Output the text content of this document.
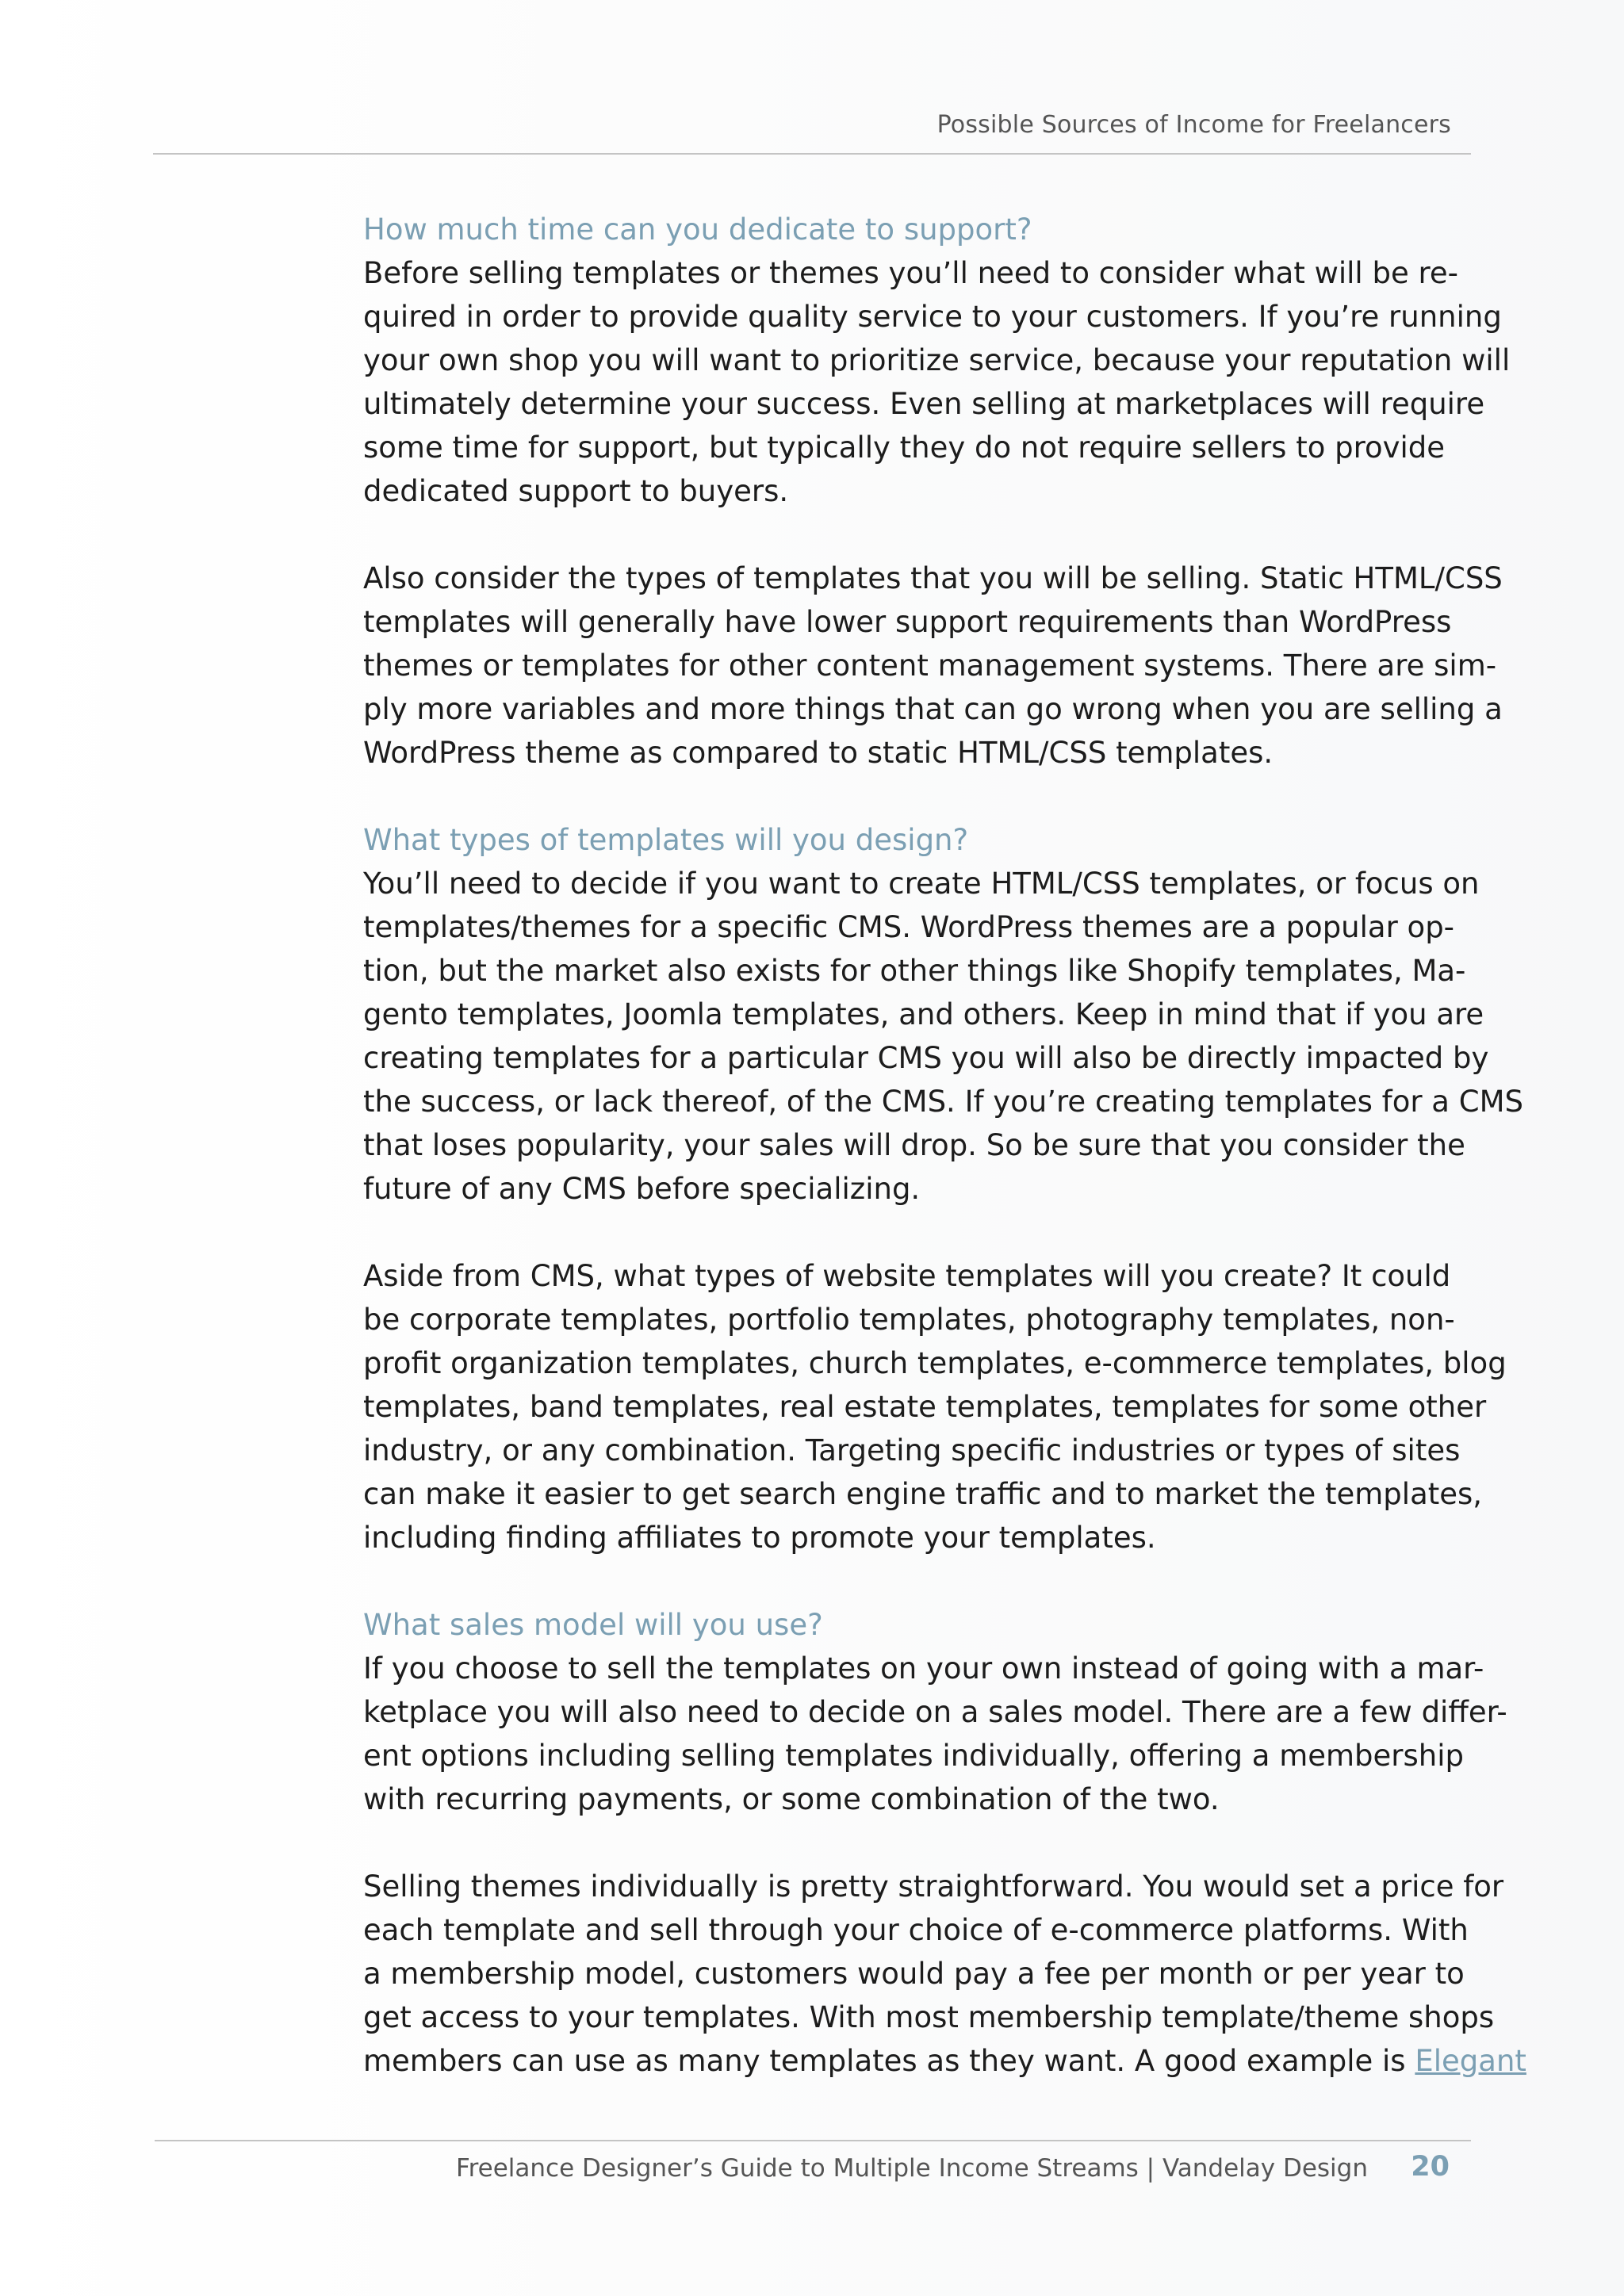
Possible Sources of Income for Freelancers
How much time can you dedicate to support?

Before selling templates or themes you’ll need to consider what will be re-
quired in order to provide quality service to your customers. If you’re running
your own shop you will want to prioritize service, because your reputation will
ultimately determine your success. Even selling at marketplaces will require
some time for support, but typically they do not require sellers to provide
dedicated support to buyers.

Also consider the types of templates that you will be selling. Static HTML/CSS
templates will generally have lower support requirements than WordPress
themes or templates for other content management systems. There are sim-
ply more variables and more things that can go wrong when you are selling a
WordPress theme as compared to static HTML/CSS templates.

What types of templates will you design?

You’ll need to decide if you want to create HTML/CSS templates, or focus on
templates/themes for a specific CMS. WordPress themes are a popular op-
tion, but the market also exists for other things like Shopify templates, Ma-
gento templates, Joomla templates, and others. Keep in mind that if you are
creating templates for a particular CMS you will also be directly impacted by
the success, or lack thereof, of the CMS. If you’re creating templates for a CMS
that loses popularity, your sales will drop. So be sure that you consider the
future of any CMS before specializing.

Aside from CMS, what types of website templates will you create? It could
be corporate templates, portfolio templates, photography templates, non-
profit organization templates, church templates, e-commerce templates, blog
templates, band templates, real estate templates, templates for some other
industry, or any combination. Targeting specific industries or types of sites
can make it easier to get search engine traffic and to market the templates,
including finding affiliates to promote your templates.

What sales model will you use?

If you choose to sell the templates on your own instead of going with a mar-
ketplace you will also need to decide on a sales model. There are a few differ-
ent options including selling templates individually, offering a membership
with recurring payments, or some combination of the two.

Selling themes individually is pretty straightforward. You would set a price for
each template and sell through your choice of e-commerce platforms. With
a membership model, customers would pay a fee per month or per year to
get access to your templates. With most membership template/theme shops
members can use as many templates as they want. A good example is Elegant

Freelance Designer’s Guide to Multiple Income Streams | Vandelay Design 20
